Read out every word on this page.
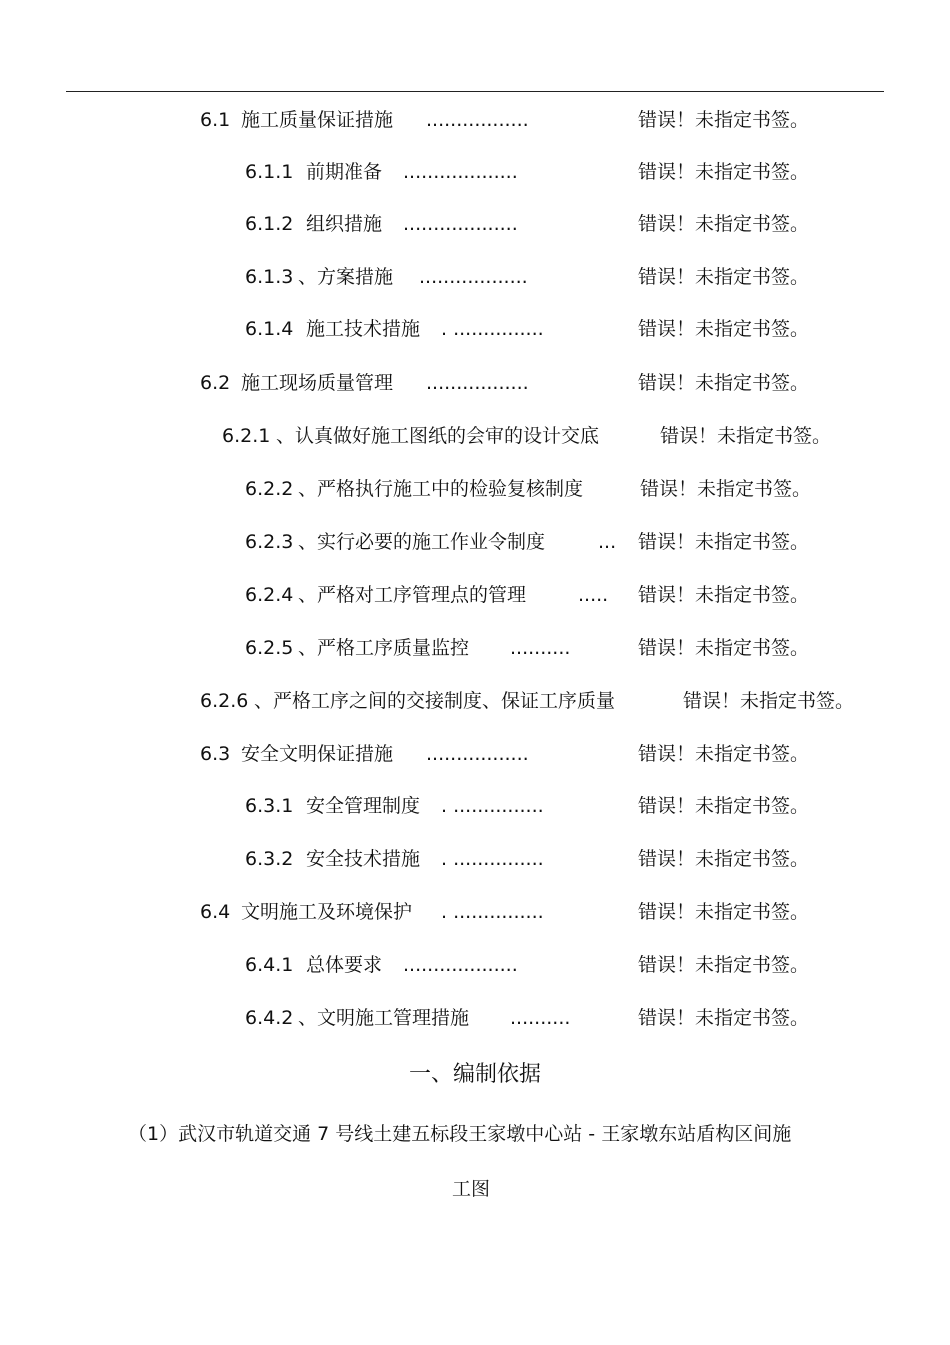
6.1 施工质量保证措施 .................	错误！未指定书签。
6.1.1 前期准备 ...................	错误！未指定书签。
6.1.2 组织措施 ...................	错误！未指定书签。
6.1.3 、方案措施 ..................	错误！未指定书签。
6.1.4 施工技术措施 . ...............	错误！未指定书签。
6.2 施工现场质量管理 .................	错误！未指定书签。
6.2.1 、认真做好施工图纸的会审的设计交底	错误！未指定书签。
6.2.2 、严格执行施工中的检验复核制度	错误！未指定书签。
6.2.3 、实行必要的施工作业令制度	... 错误！未指定书签。
6.2.4 、严格对工序管理点的管理	..... 错误！未指定书签。
6.2.5 、严格工序质量监控 ..........	错误！未指定书签。
6.2.6 、严格工序之间的交接制度、保证工序质量	错误！未指定书签。
6.3 安全文明保证措施 .................	错误！未指定书签。
6.3.1 安全管理制度 . ...............	错误！未指定书签。
6.3.2 安全技术措施 . ...............	错误！未指定书签。
6.4 文明施工及环境保护 . ...............	错误！未指定书签。
6.4.1 总体要求 ...................	错误！未指定书签。
6.4.2 、文明施工管理措施 ..........	错误！未指定书签。
一、编制依据
（1）武汉市轨道交通 7 号线土建五标段王家墩中心站 - 王家墩东站盾构区间施
工图
